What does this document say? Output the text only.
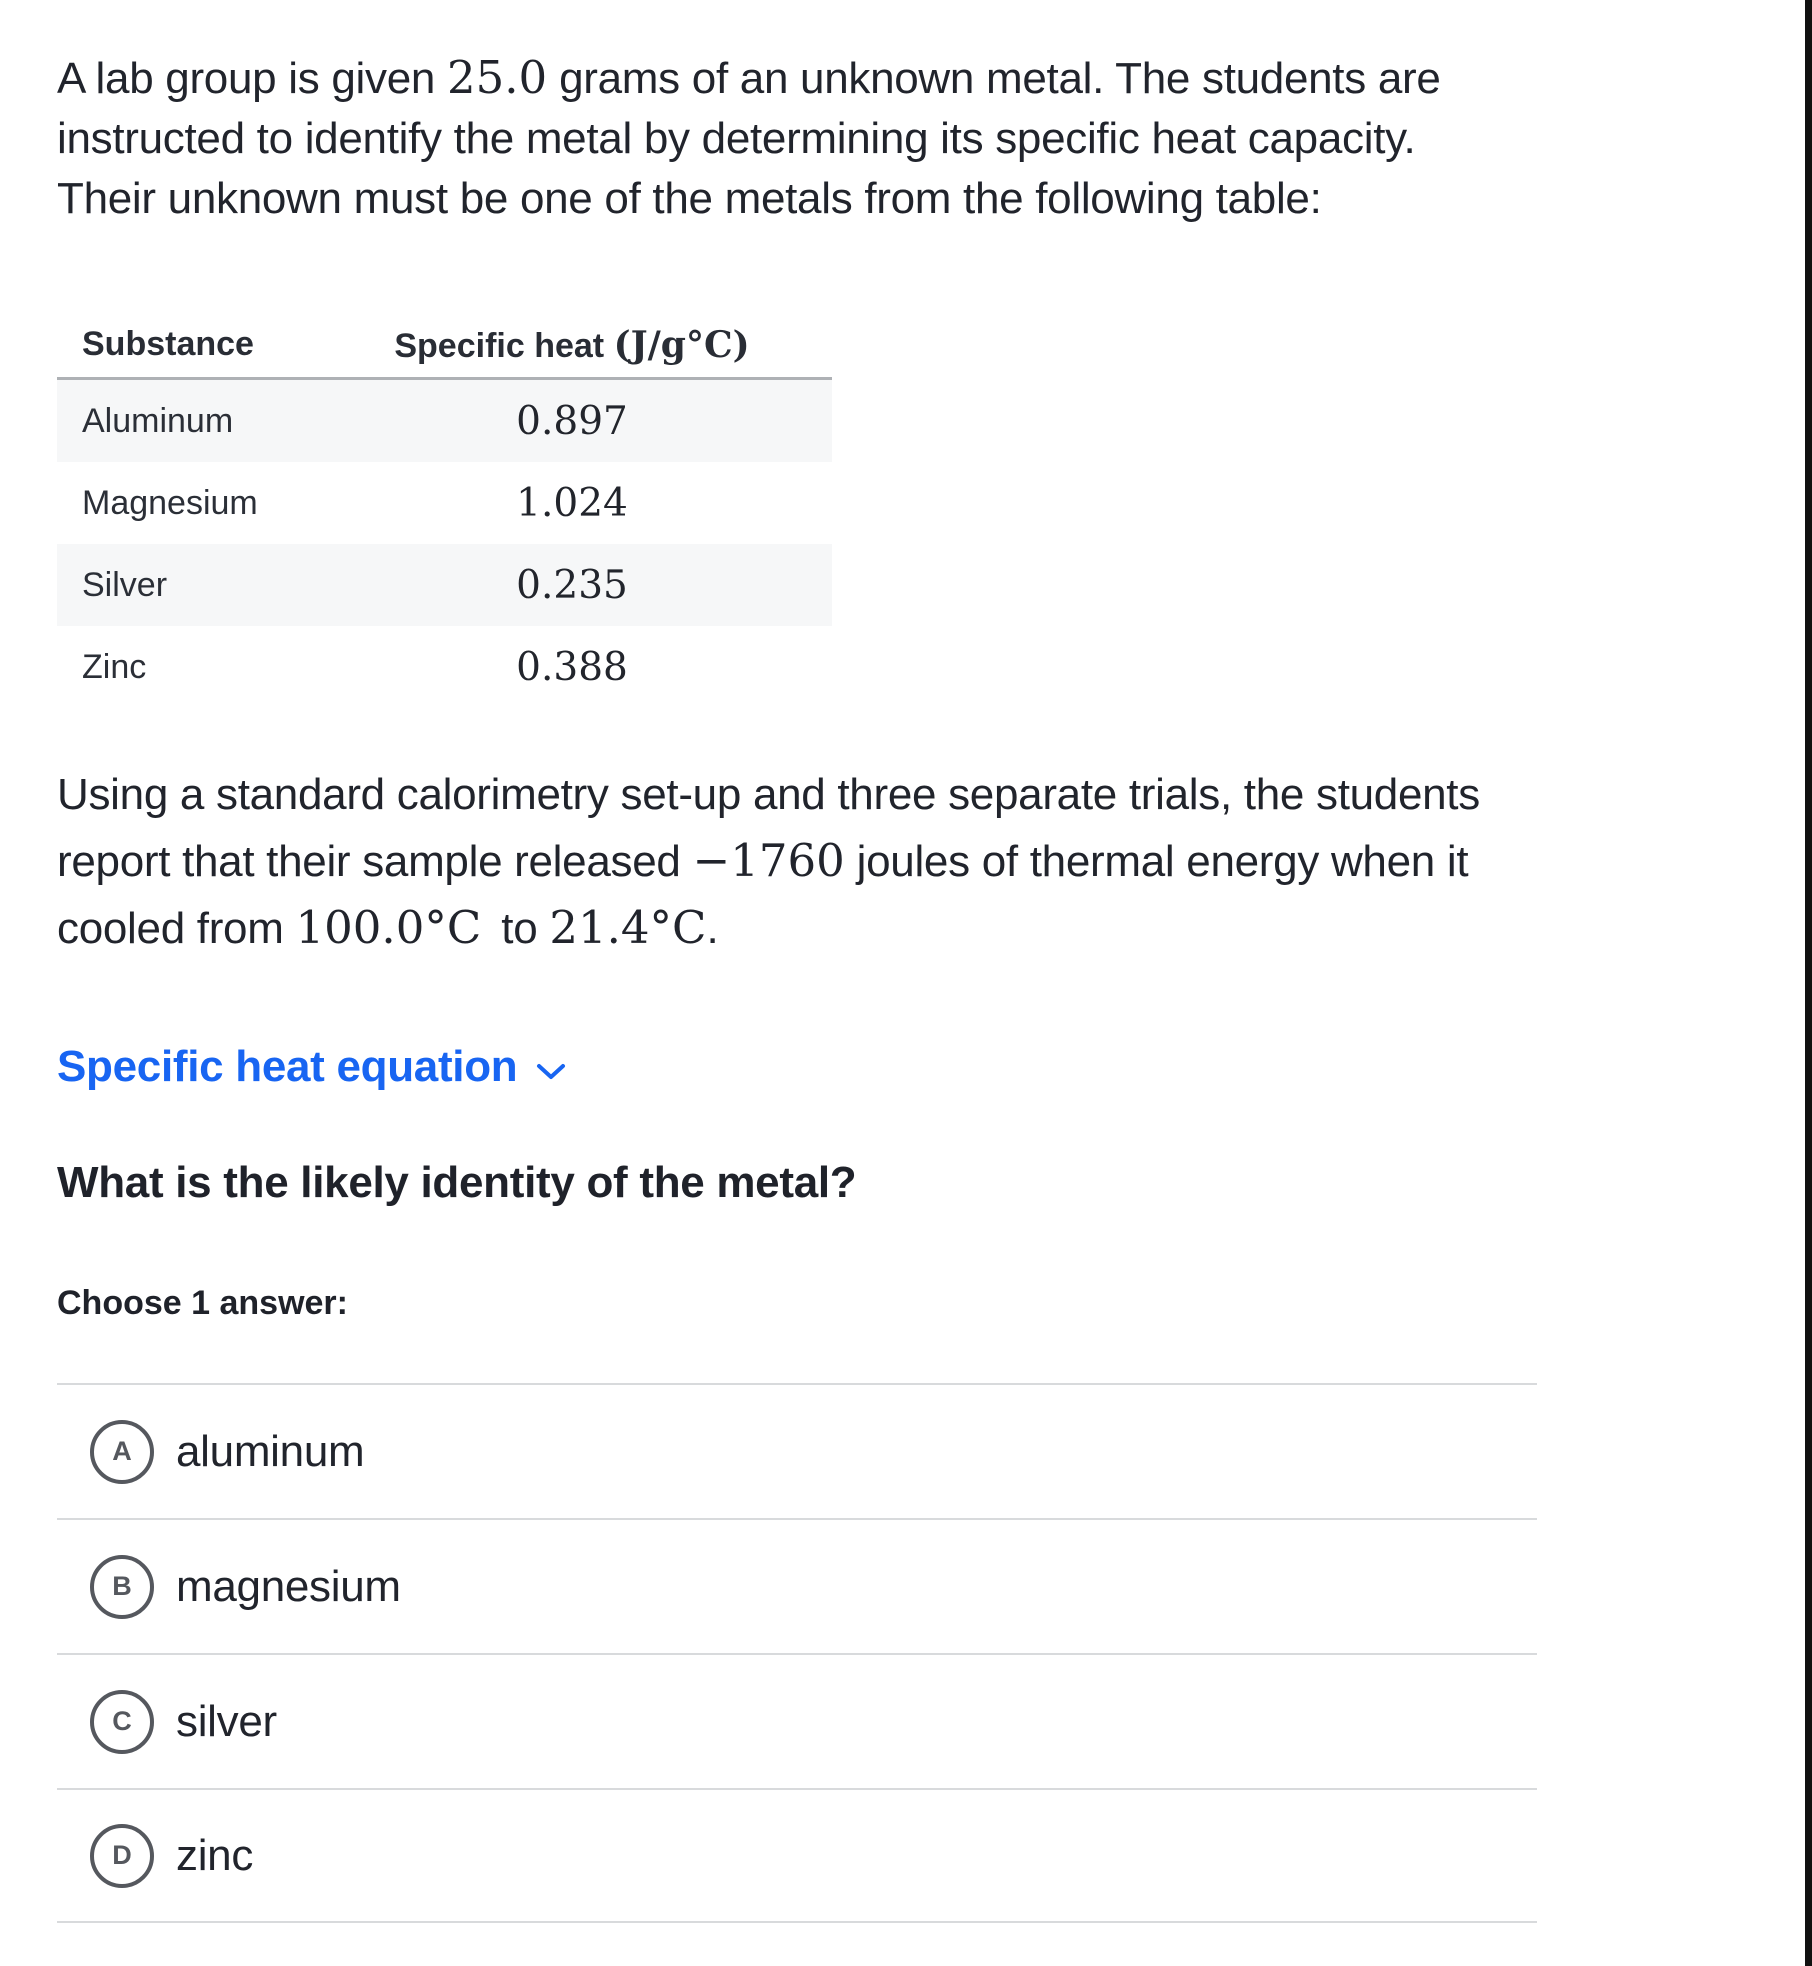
A lab group is given 25.0 grams of an unknown metal. The students are
instructed to identify the metal by determining its specific heat capacity.
Their unknown must be one of the metals from the following table:
Substance	Specific heat (J/g°C)
Aluminum	0.897
Magnesium	1.024
Silver	0.235
Zinc	0.388
Using a standard calorimetry set-up and three separate trials, the students
report that their sample released −1760 joules of thermal energy when it
cooled from 100.0°C to 21.4°C.
Specific heat equation
What is the likely identity of the metal?
Choose 1 answer:
A aluminum
B magnesium
C silver
D zinc
